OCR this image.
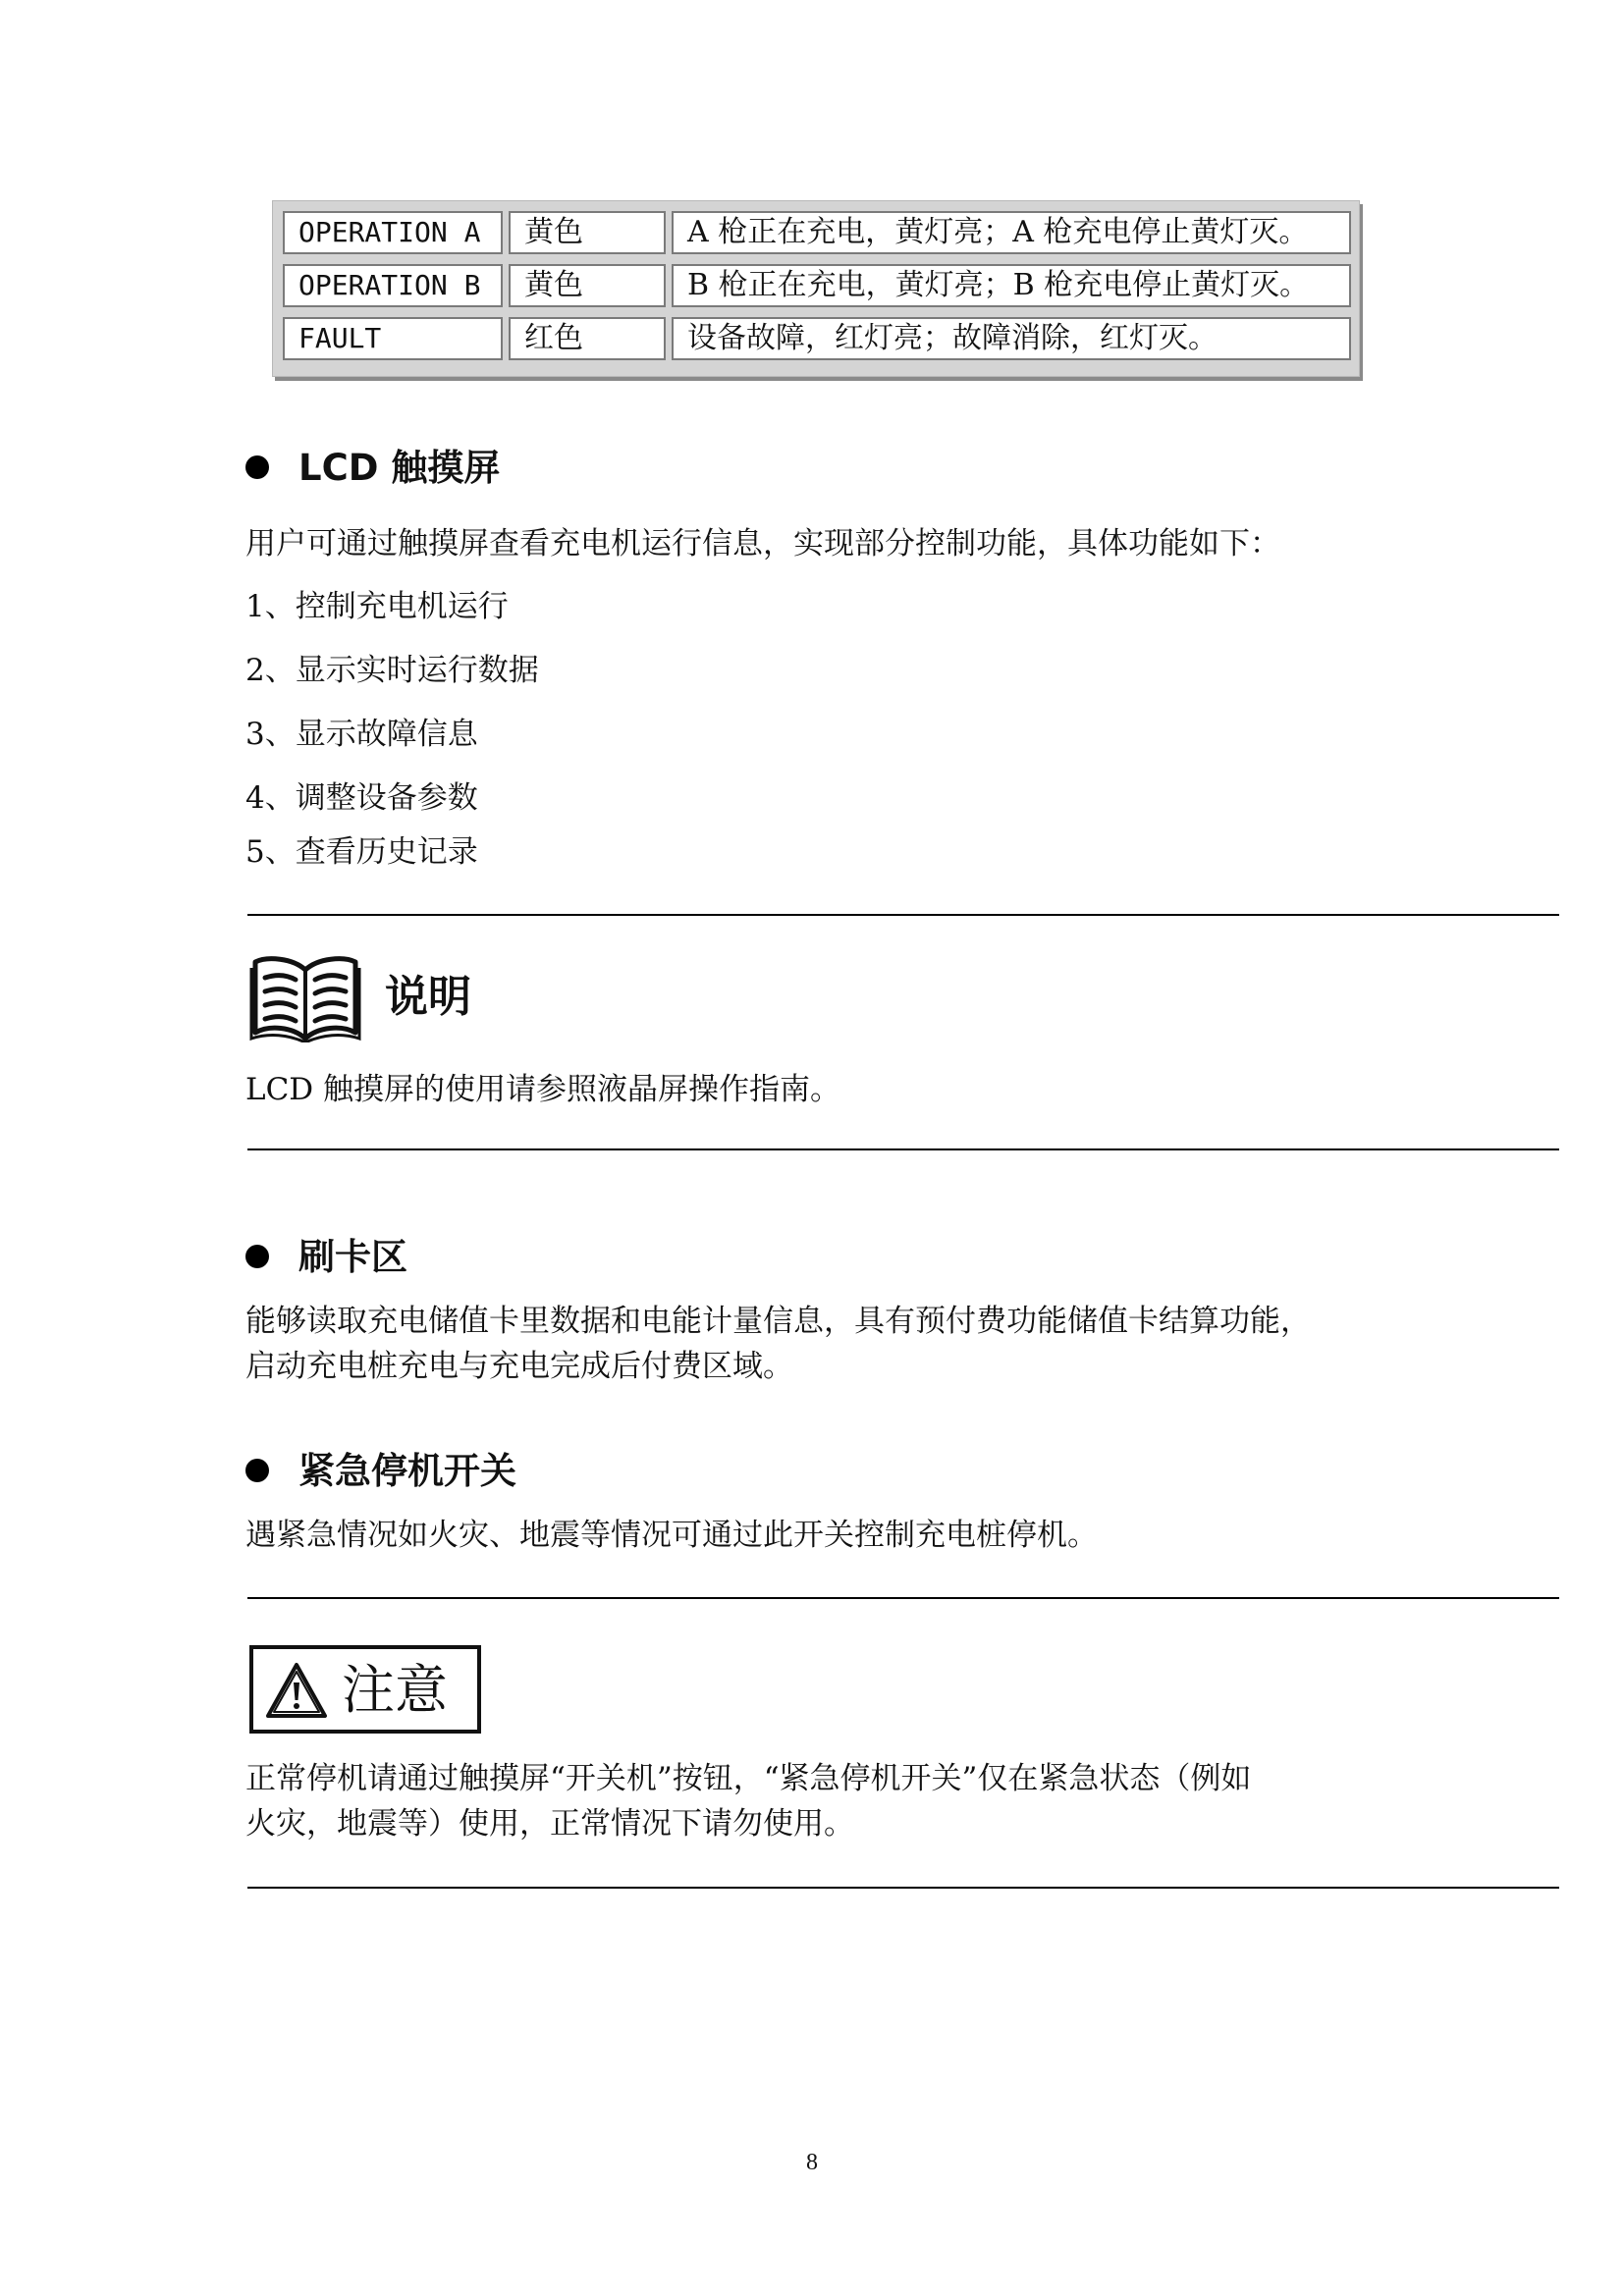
OPERATION A	黄色	A 枪正在充电，黄灯亮；A 枪充电停止黄灯灭。
OPERATION B	黄色	B 枪正在充电，黄灯亮；B 枪充电停止黄灯灭。
FAULT	红色	设备故障，红灯亮；故障消除，红灯灭。
LCD 触摸屏
用户可通过触摸屏查看充电机运行信息，实现部分控制功能，具体功能如下：
1、控制充电机运行
2、显示实时运行数据
3、显示故障信息
4、调整设备参数
5、查看历史记录
说明
LCD 触摸屏的使用请参照液晶屏操作指南。
刷卡区
能够读取充电储值卡里数据和电能计量信息，具有预付费功能储值卡结算功能，
启动充电桩充电与充电完成后付费区域。
紧急停机开关
遇紧急情况如火灾、地震等情况可通过此开关控制充电桩停机。
注意
正常停机请通过触摸屏“开关机”按钮，“紧急停机开关”仅在紧急状态（例如
火灾，地震等）使用，正常情况下请勿使用。
8
